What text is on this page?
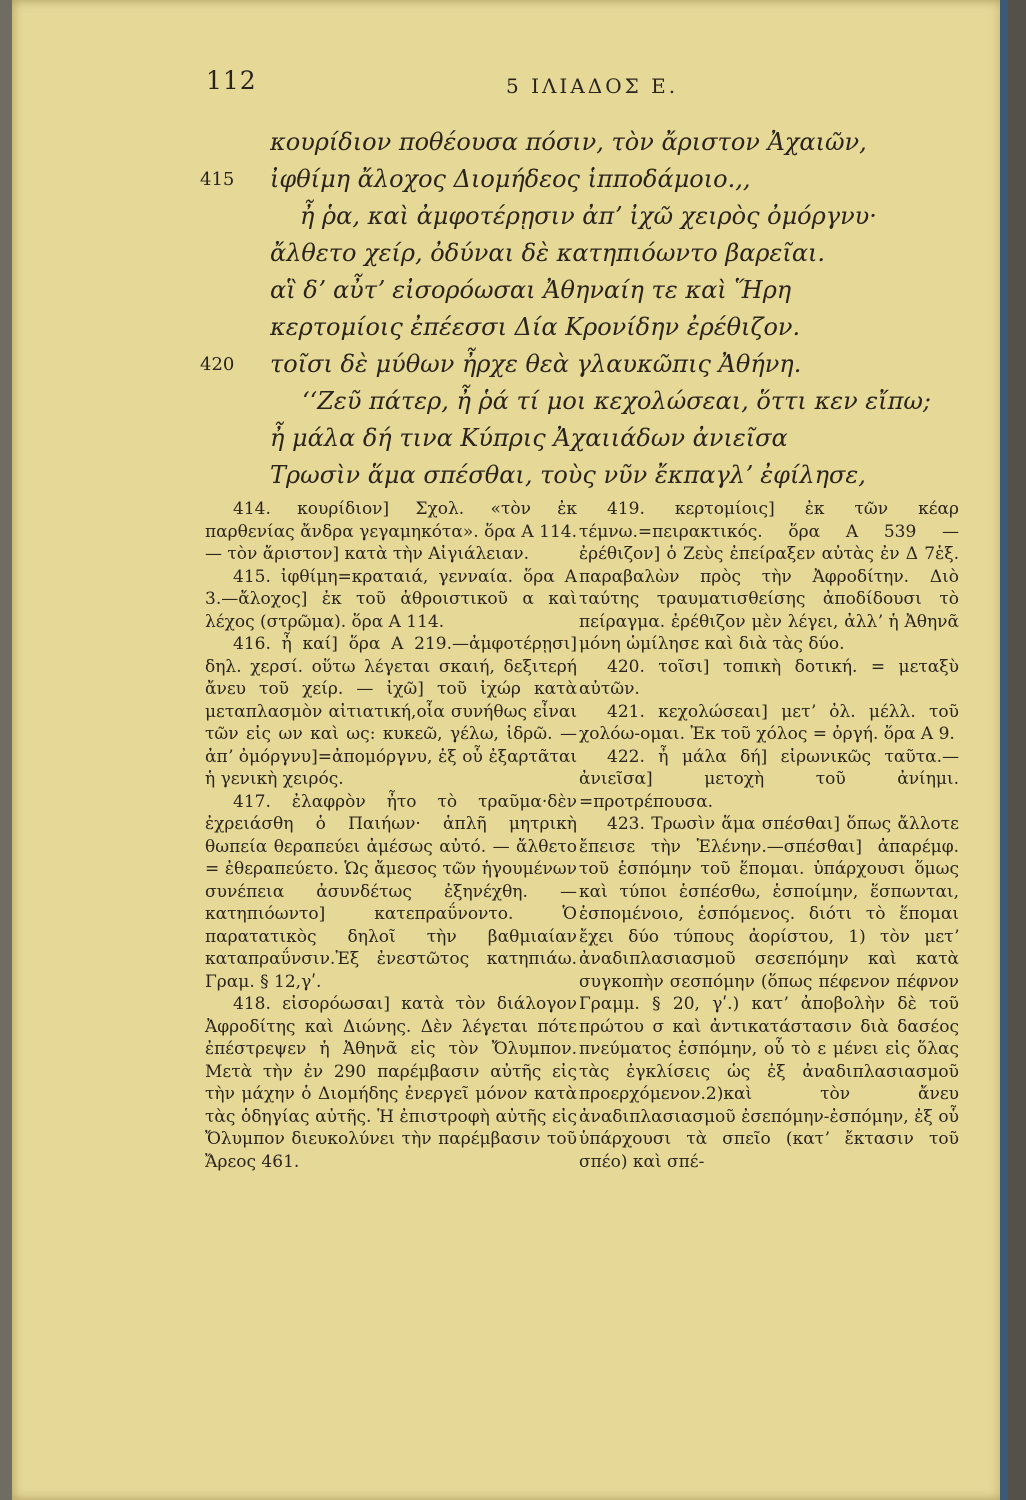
112	5 ΙΛΙΑΔΟΣ Ε.
κουρίδιον ποθέουσα πόσιν, τὸν ἄριστον Ἀχαιῶν,
415 ἰφθίμη ἄλοχος Διομήδεος ἱπποδάμοιο.,,
ἦ ῥα, καὶ ἀμφοτέρῃσιν ἀπʼ ἰχῶ χειρὸς ὀμόργνυ·
ἄλθετο χείρ, ὀδύναι δὲ κατηπιόωντο βαρεῖαι.
αἳ δʼ αὖτʼ εἰσορόωσαι Ἀθηναίη τε καὶ Ἥρη
κερτομίοις ἐπέεσσι Δία Κρονίδην ἐρέθιζον.
420 τοῖσι δὲ μύθων ἦρχε θεὰ γλαυκῶπις Ἀθήνη.
‘‘Ζεῦ πάτερ, ἦ ῥά τί μοι κεχολώσεαι, ὅττι κεν εἴπω;
ἦ μάλα δή τινα Κύπρις Ἀχαιιάδων ἀνιεῖσα
Τρωσὶν ἅμα σπέσθαι, τοὺς νῦν ἔκπαγλʼ ἐφίλησε,

414. κουρίδιον] Σχολ. «τὸν ἐκ παρθενίας ἄνδρα γεγαμηκότα». ὅρα Α 114. — τὸν ἄριστον] κατὰ τὴν Αἰγιάλειαν.

415. ἰφθίμη=κραταιά, γενναία. ὅρα Α 3.—ἄλοχος] ἐκ τοῦ ἀθροιστικοῦ α καὶ λέχος (στρῶμα). ὅρα Α 114.

416. ἦ καί] ὅρα Α 219.—ἀμφοτέρῃσι] δηλ. χερσί. οὕτω λέγεται σκαιή, δεξιτερή ἄνευ τοῦ χείρ. — ἰχῶ] τοῦ ἰχώρ κατὰ μεταπλασμὸν αἰτιατική,οἷα συνήθως εἶναι τῶν εἰς ων καὶ ως: κυκεῶ, γέλω, ἱδρῶ. — ἀπʼ ὀμόργνυ]=ἀπομόργνυ, ἐξ οὗ ἐξαρτᾶται ἡ γενικὴ χειρός.

417. ἐλαφρὸν ἦτο τὸ τραῦμα·δὲν ἐχρειάσθη ὁ Παιήων· ἁπλῆ μητρικὴ θωπεία θεραπεύει ἀμέσως αὐτό. — ἄλθετο = ἐθεραπεύετο. Ὡς ἄμεσος τῶν ἡγουμένων συνέπεια ἀσυνδέτως ἐξηνέχθη. —κατηπιόωντο] κατεπραΰνοντο. Ὁ παρατατικὸς δηλοῖ τὴν βαθμιαίαν καταπραΰνσιν.Ἐξ ἐνεστῶτος κατηπιάω. Γραμ. § 12,γʹ.

418. εἰσορόωσαι] κατὰ τὸν διάλογον Ἀφροδίτης καὶ Διώνης. Δὲν λέγεται πότε ἐπέστρεψεν ἡ Ἀθηνᾶ εἰς τὸν Ὄλυμπον. Μετὰ τὴν ἐν 290 παρέμβασιν αὐτῆς εἰς τὴν μάχην ὁ Διομήδης ἐνεργεῖ μόνον κατὰ τὰς ὁδηγίας αὐτῆς. Ἡ ἐπιστροφὴ αὐτῆς εἰς Ὄλυμπον διευκολύνει τὴν παρέμβασιν τοῦ Ἄρεος 461.

419. κερτομίοις] ἐκ τῶν κέαρ τέμνω.=πειρακτικός. ὅρα Α 539 — ἐρέθιζον] ὁ Ζεὺς ἐπείραξεν αὐτὰς ἐν Δ 7ἑξ. παραβαλὼν πρὸς τὴν Ἀφροδίτην. Διὸ ταύτης τραυματισθείσης ἀποδίδουσι τὸ πείραγμα. ἐρέθιζον μὲν λέγει, ἀλλʼ ἡ Ἀθηνᾶ μόνη ὡμίλησε καὶ διὰ τὰς δύο.

420. τοῖσι] τοπικὴ δοτική. = μεταξὺ αὐτῶν.

421. κεχολώσεαι] μετʼ ὀλ. μέλλ. τοῦ χολόω-ομαι. Ἐκ τοῦ χόλος = ὀργή. ὅρα Α 9.

422. ἦ μάλα δή] εἰρωνικῶς ταῦτα.—ἀνιεῖσα] μετοχὴ τοῦ ἀνίημι. =προτρέπουσα.

423. Τρωσὶν ἅμα σπέσθαι] ὅπως ἄλλοτε ἔπεισε τὴν Ἑλένην.—σπέσθαι] ἀπαρέμφ. τοῦ ἑσπόμην τοῦ ἕπομαι. ὑπάρχουσι ὅμως καὶ τύποι ἑσπέσθω, ἑσποίμην, ἕσπωνται, ἑσπομένοιο, ἑσπόμενος. διότι τὸ ἕπομαι ἔχει δύο τύπους ἀορίστου, 1) τὸν μετʼ ἀναδιπλασιασμοῦ σεσεπόμην καὶ κατὰ συγκοπὴν σεσπόμην (ὅπως πέφενον πέφνον Γραμμ. § 20, γʹ.) κατʼ ἀποβολὴν δὲ τοῦ πρώτου σ καὶ ἀντικατάστασιν διὰ δασέος πνεύματος ἑσπόμην, οὗ τὸ ε μένει εἰς ὅλας τὰς ἐγκλίσεις ὡς ἐξ ἀναδιπλασιασμοῦ προερχόμενον.2)καὶ τὸν ἄνευ ἀναδιπλασιασμοῦ ἐσεπόμην-ἐσπόμην, ἐξ οὗ ὑπάρχουσι τὰ σπεῖο (κατʼ ἔκτασιν τοῦ σπέο) καὶ σπέ-
